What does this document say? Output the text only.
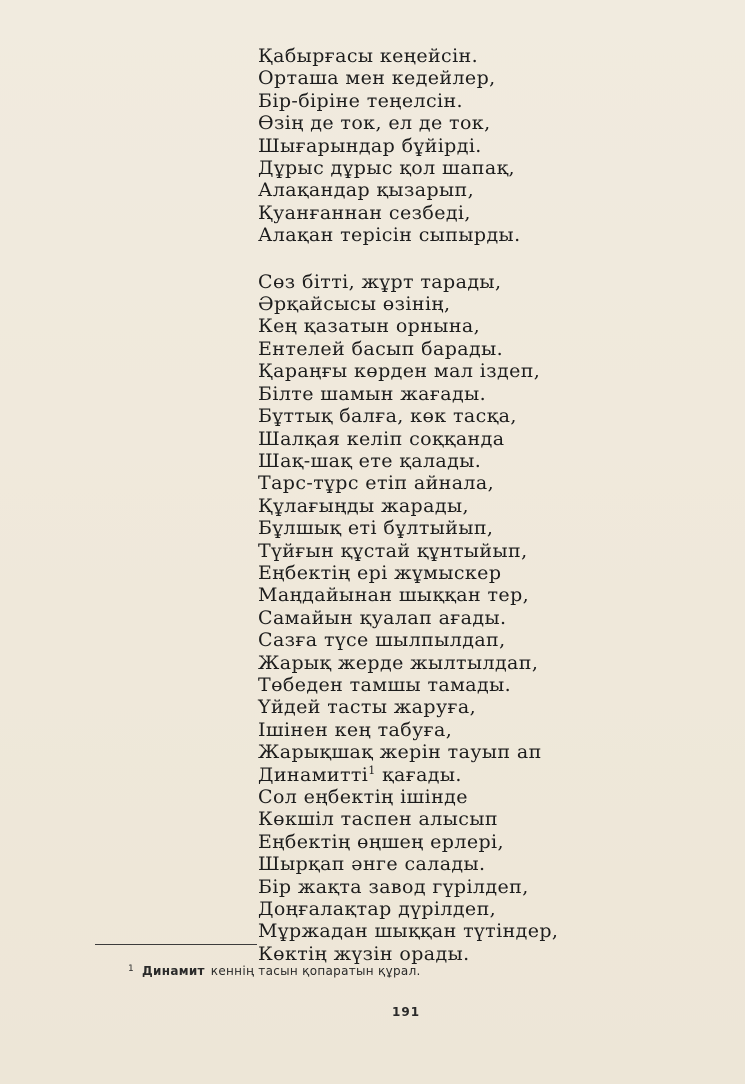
Қабырғасы кеңейсін.
Орташа мен кедейлер,
Бір-біріне теңелсін.
Өзің де ток, ел де ток,
Шығарындар бұйірді.
Дұрыс дұрыс қол шапақ,
Алақандар қызарып,
Қуанғаннан сезбеді,
Алақан терісін сыпырды.
Сөз бітті, жұрт тарады,
Әрқайсысы өзінің,
Кең қазатын орнына,
Ентелей басып барады.
Қараңғы көрден мал іздеп,
Білте шамын жағады.
Бұттық балға, көк тасқа,
Шалқая келіп соққанда
Шақ-шақ ете қалады.
Тарс-тұрс етіп айнала,
Құлағыңды жарады,
Бұлшық еті бұлтыйып,
Түйғын құстай құнтыйып,
Еңбектің ері жұмыскер
Маңдайынан шыққан тер,
Самайын қуалап ағады.
Сазға түсе шылпылдап,
Жарық жерде жылтылдап,
Төбеден тамшы тамады.
Үйдей тасты жаруға,
Ішінен кең табуға,
Жарықшақ жерін тауып ап
Динамитті$^1$ қағады.
Сол еңбектің ішінде
Көкшіл таспен алысып
Еңбектің өңшең ерлері,
Шырқап әнге салады.
Бір жақта завод гүрілдеп,
Доңғалақтар дүрілдеп,
Мұржадан шыққан түтіндер,
Көктің жүзін орады.
$^1$ Динамит кеннің тасын қопаратын құрал.
191
